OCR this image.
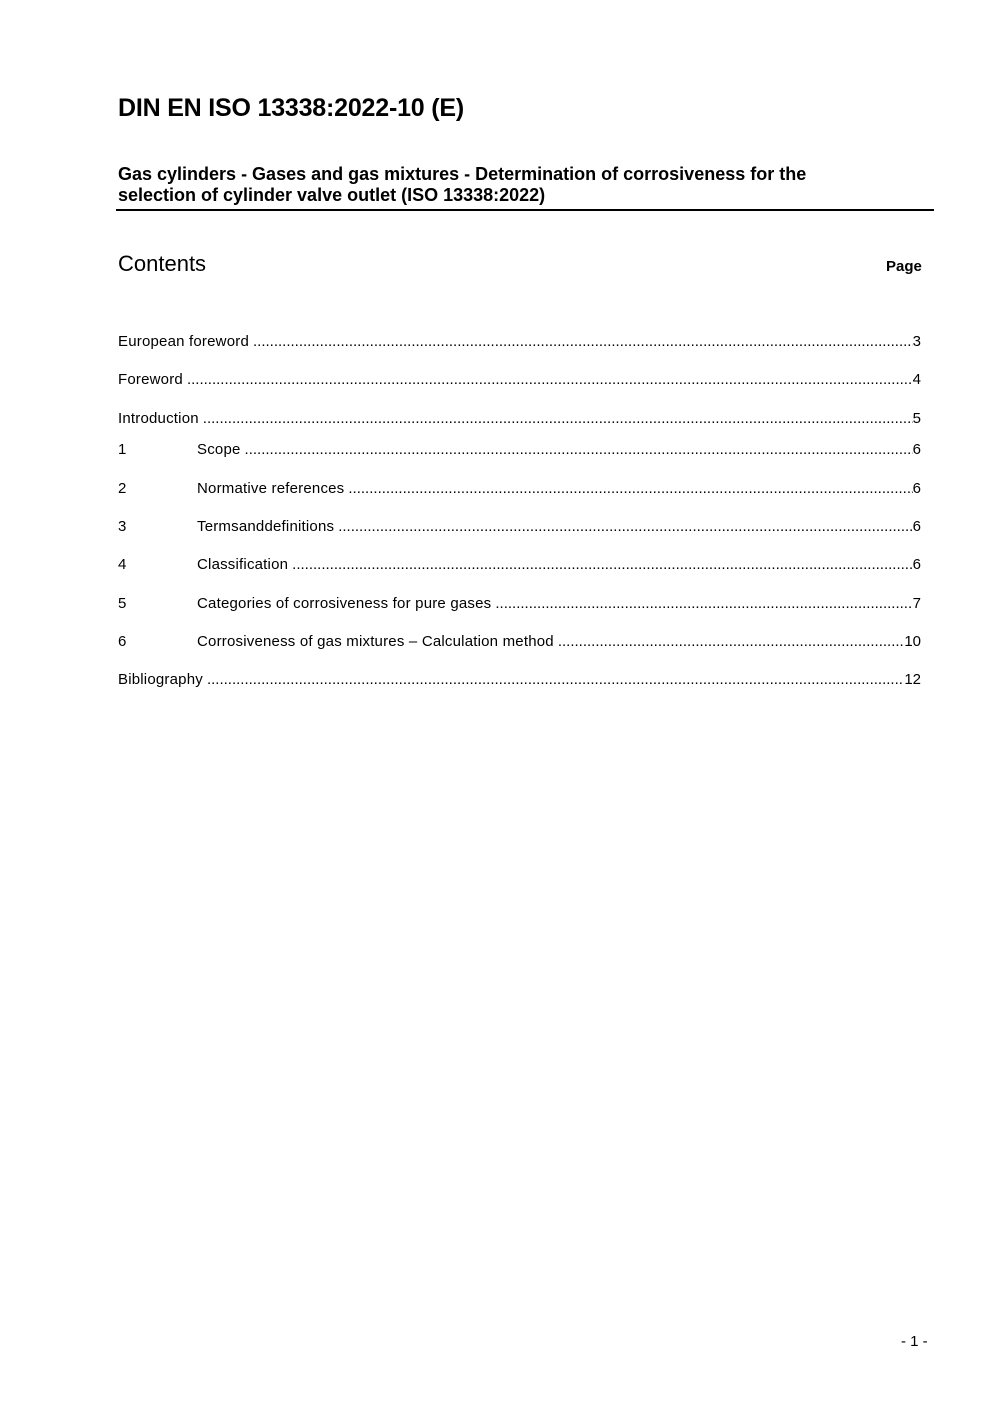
DIN EN ISO 13338:2022-10 (E)
Gas cylinders - Gases and gas mixtures - Determination of corrosiveness for the
selection of cylinder valve outlet (ISO 13338:2022)
Contents	Page
European foreword .....	3
Foreword .....	4
Introduction .....	5
1	Scope .....	6
2	Normative references .....	6
3	Termsanddefinitions .....	6
4	Classification .....	6
5	Categories of corrosiveness for pure gases .....	7
6	Corrosiveness of gas mixtures – Calculation method .....	10
Bibliography .....	12
- 1 -
